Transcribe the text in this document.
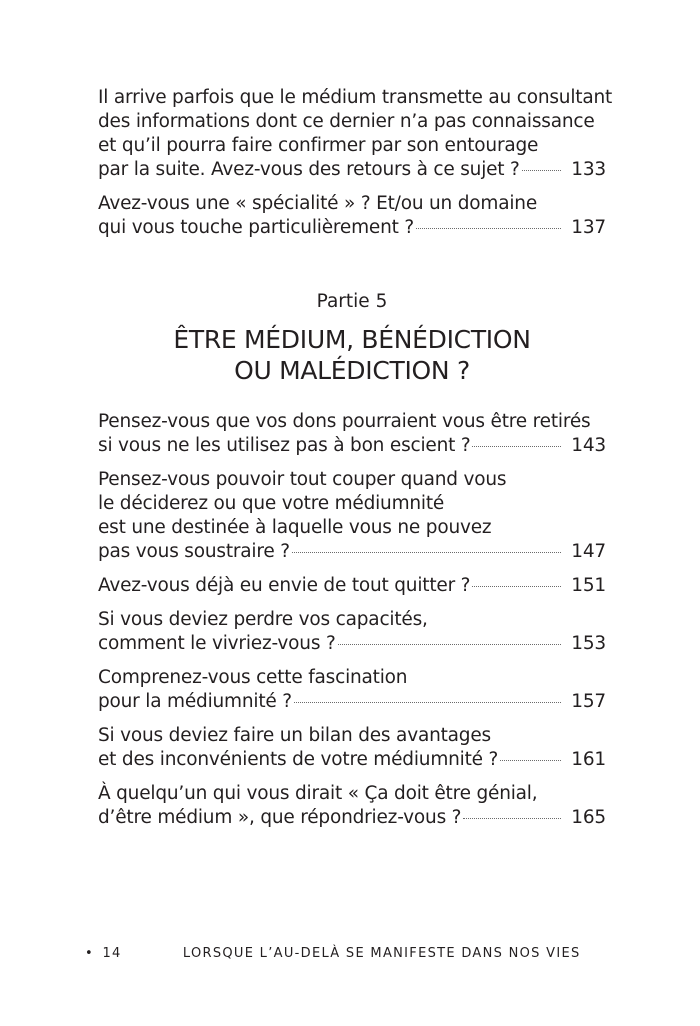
Il arrive parfois que le médium transmette au consultant
des informations dont ce dernier n’a pas connaissance
et qu’il pourra faire confirmer par son entourage
par la suite. Avez-vous des retours à ce sujet ?	133
Avez-vous une « spécialité » ? Et/ou un domaine
qui vous touche particulièrement ?	137
Partie 5
ÊTRE MÉDIUM, BÉNÉDICTION
OU MALÉDICTION ?
Pensez-vous que vos dons pourraient vous être retirés
si vous ne les utilisez pas à bon escient ?	143
Pensez-vous pouvoir tout couper quand vous
le déciderez ou que votre médiumnité
est une destinée à laquelle vous ne pouvez
pas vous soustraire ?	147
Avez-vous déjà eu envie de tout quitter ?	151
Si vous deviez perdre vos capacités,
comment le vivriez-vous ?	153
Comprenez-vous cette fascination
pour la médiumnité ?	157
Si vous deviez faire un bilan des avantages
et des inconvénients de votre médiumnité ?	161
À quelqu’un qui vous dirait « Ça doit être génial,
d’être médium », que répondriez-vous ?	165
• 14	LORSQUE L’AU-DELÀ SE MANIFESTE DANS NOS VIES
